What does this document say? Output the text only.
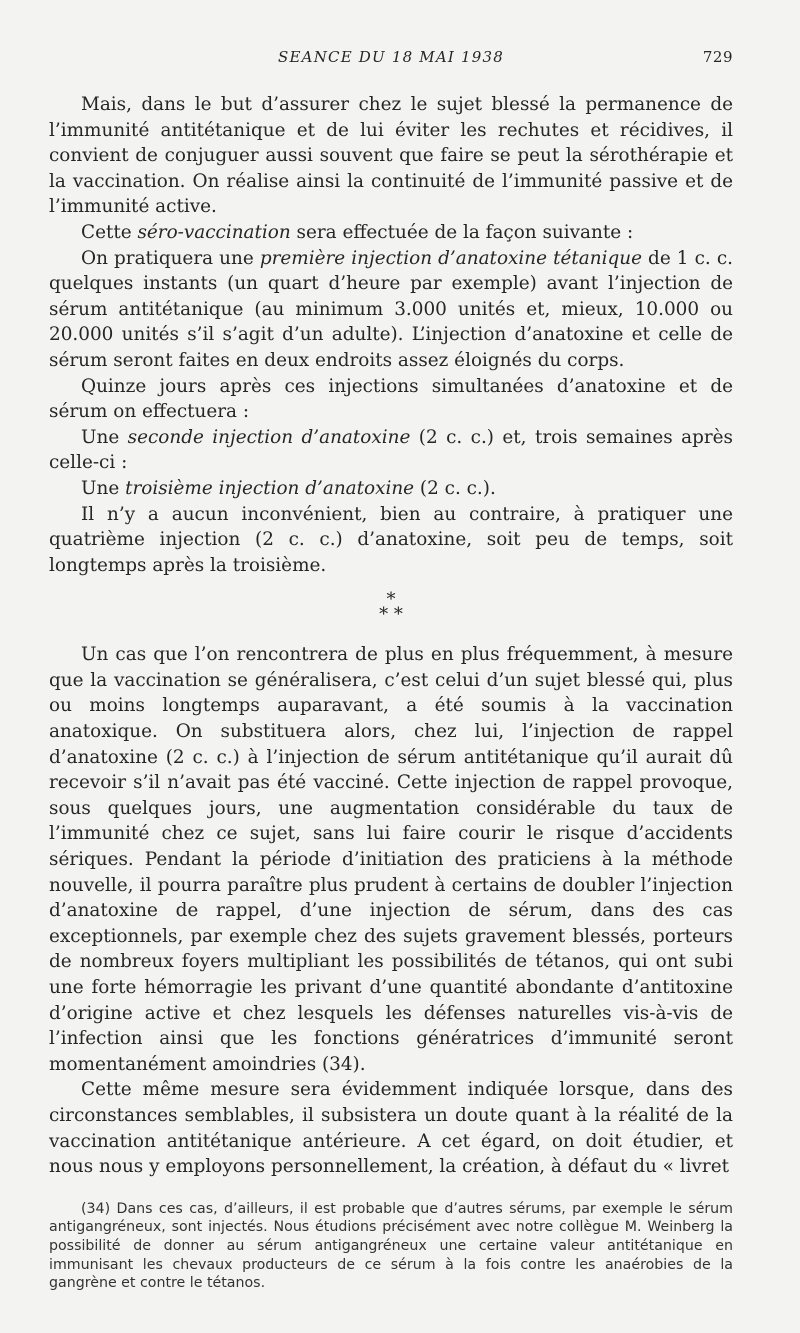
SEANCE DU 18 MAI 1938	729

Mais, dans le but d’assurer chez le sujet blessé la permanence de l’immunité antitétanique et de lui éviter les rechutes et récidives, il convient de conjuguer aussi souvent que faire se peut la sérothérapie et la vaccination. On réalise ainsi la continuité de l’immunité passive et de l’immunité active.

Cette séro-vaccination sera effectuée de la façon suivante :

On pratiquera une première injection d’anatoxine tétanique de 1 c. c. quelques instants (un quart d’heure par exemple) avant l’injection de sérum antitétanique (au minimum 3.000 unités et, mieux, 10.000 ou 20.000 unités s’il s’agit d’un adulte). L’injection d’anatoxine et celle de sérum seront faites en deux endroits assez éloignés du corps.

Quinze jours après ces injections simultanées d’anatoxine et de sérum on effectuera :

Une seconde injection d’anatoxine (2 c. c.) et, trois semaines après celle-ci :

Une troisième injection d’anatoxine (2 c. c.).

Il n’y a aucun inconvénient, bien au contraire, à pratiquer une quatrième injection (2 c. c.) d’anatoxine, soit peu de temps, soit longtemps après la troisième.

*
* *

Un cas que l’on rencontrera de plus en plus fréquemment, à mesure que la vaccination se généralisera, c’est celui d’un sujet blessé qui, plus ou moins longtemps auparavant, a été soumis à la vaccination anatoxique. On substituera alors, chez lui, l’injection de rappel d’anatoxine (2 c. c.) à l’injection de sérum antitétanique qu’il aurait dû recevoir s’il n’avait pas été vacciné. Cette injection de rappel provoque, sous quelques jours, une augmentation considérable du taux de l’immunité chez ce sujet, sans lui faire courir le risque d’accidents sériques. Pendant la période d’initiation des praticiens à la méthode nouvelle, il pourra paraître plus prudent à certains de doubler l’injection d’anatoxine de rappel, d’une injection de sérum, dans des cas exceptionnels, par exemple chez des sujets gravement blessés, porteurs de nombreux foyers multipliant les possibilités de tétanos, qui ont subi une forte hémorragie les privant d’une quantité abondante d’antitoxine d’origine active et chez lesquels les défenses naturelles vis-à-vis de l’infection ainsi que les fonctions génératrices d’immunité seront momentanément amoindries (34).

Cette même mesure sera évidemment indiquée lorsque, dans des circonstances semblables, il subsistera un doute quant à la réalité de la vaccination antitétanique antérieure. A cet égard, on doit étudier, et nous nous y employons personnellement, la création, à défaut du « livret

(34) Dans ces cas, d’ailleurs, il est probable que d’autres sérums, par exemple le sérum antigangréneux, sont injectés. Nous étudions précisément avec notre collègue M. Weinberg la possibilité de donner au sérum antigangréneux une certaine valeur antitétanique en immunisant les chevaux producteurs de ce sérum à la fois contre les anaérobies de la gangrène et contre le tétanos.
